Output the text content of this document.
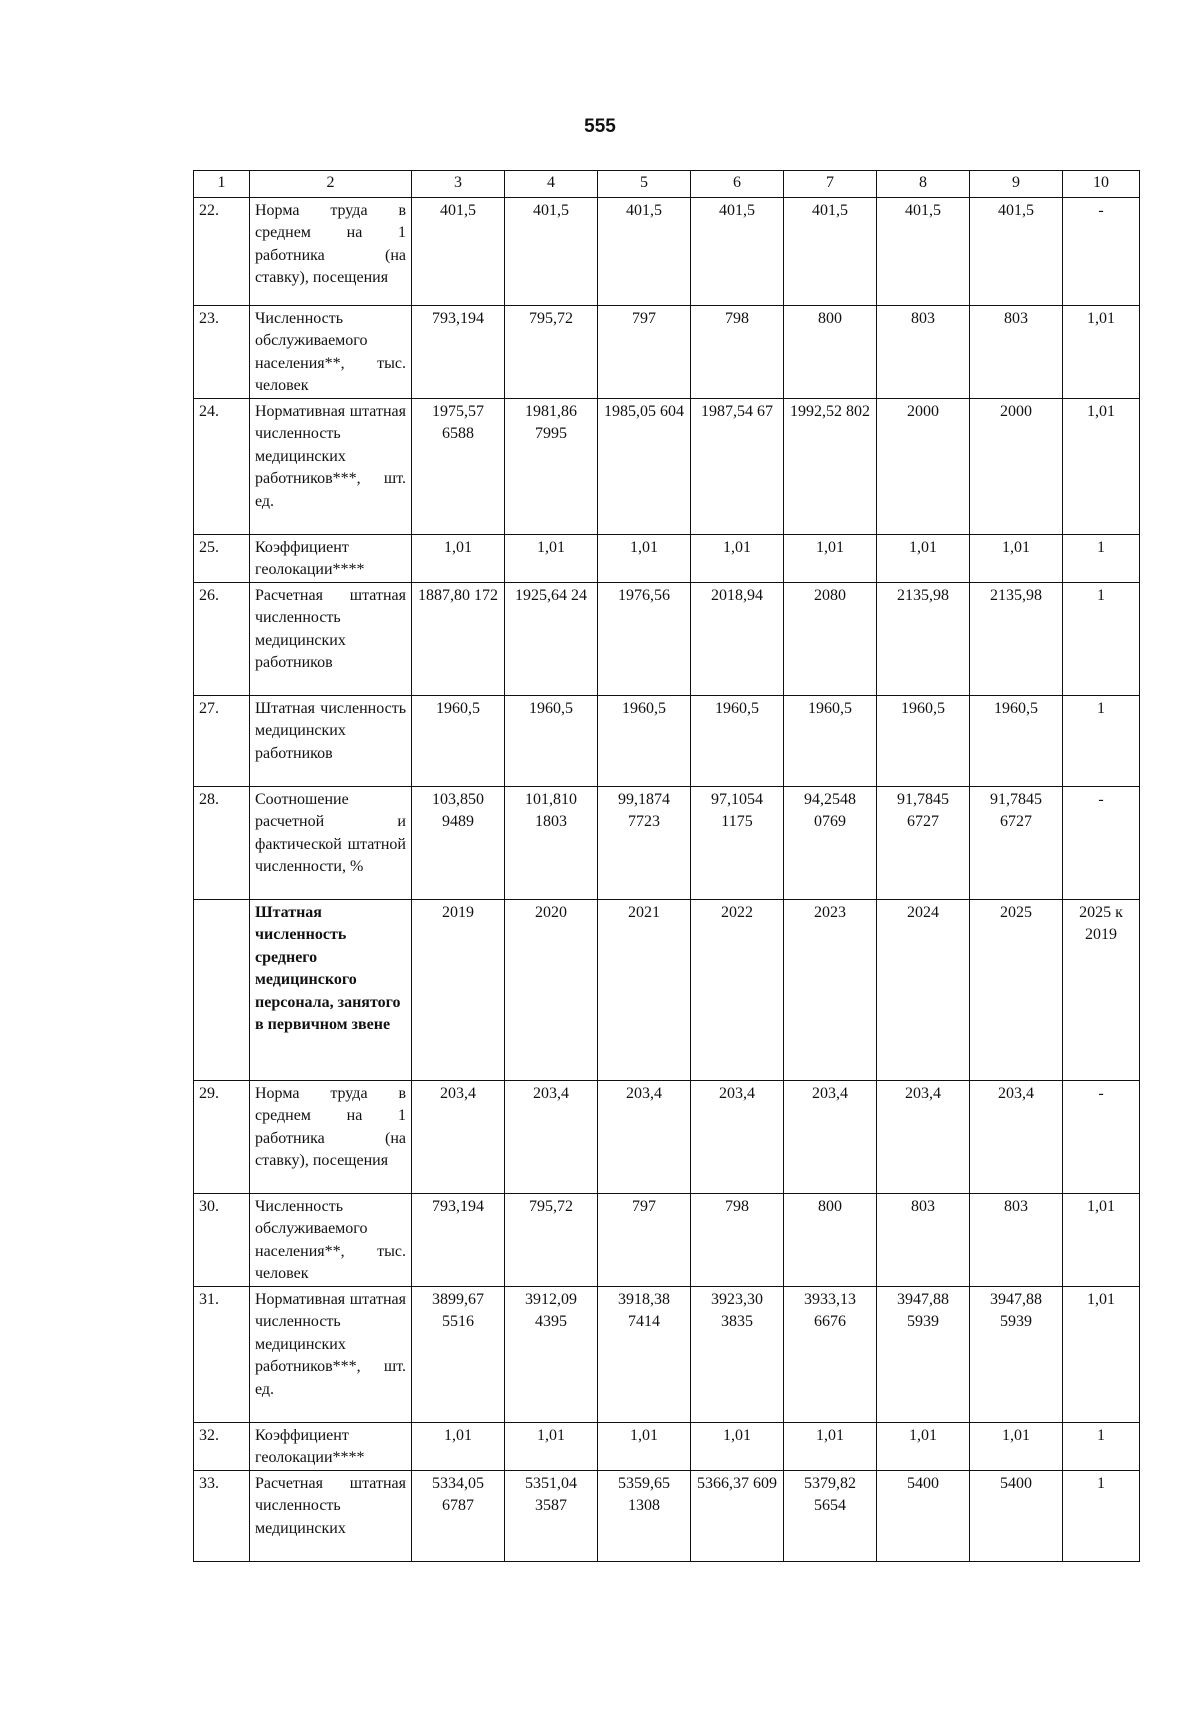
555
1	2	3	4	5	6	7	8	9	10
22.	Норма труда в среднем на 1 работника (на ставку), посещения	401,5	401,5	401,5	401,5	401,5	401,5	401,5	-
23.	Численность обслуживаемого населения**, тыс. человек	793,194	795,72	797	798	800	803	803	1,01
24.	Нормативная штатная численность медицинских работников***, шт. ед.	1975,57 6588	1981,86 7995	1985,05 604	1987,54 67	1992,52 802	2000	2000	1,01
25.	Коэффициент геолокации****	1,01	1,01	1,01	1,01	1,01	1,01	1,01	1
26.	Расчетная штатная численность медицинских работников	1887,80 172	1925,64 24	1976,56	2018,94	2080	2135,98	2135,98	1
27.	Штатная численность медицинских работников	1960,5	1960,5	1960,5	1960,5	1960,5	1960,5	1960,5	1
28.	Соотношение расчетной и фактической штатной численности, %	103,850 9489	101,810 1803	99,1874 7723	97,1054 1175	94,2548 0769	91,7845 6727	91,7845 6727	-
	Штатная численность среднего медицинского персонала, занятого в первичном звене	2019	2020	2021	2022	2023	2024	2025	2025 к 2019
29.	Норма труда в среднем на 1 работника (на ставку), посещения	203,4	203,4	203,4	203,4	203,4	203,4	203,4	-
30.	Численность обслуживаемого населения**, тыс. человек	793,194	795,72	797	798	800	803	803	1,01
31.	Нормативная штатная численность медицинских работников***, шт. ед.	3899,67 5516	3912,09 4395	3918,38 7414	3923,30 3835	3933,13 6676	3947,88 5939	3947,88 5939	1,01
32.	Коэффициент геолокации****	1,01	1,01	1,01	1,01	1,01	1,01	1,01	1
33.	Расчетная штатная численность медицинских	5334,05 6787	5351,04 3587	5359,65 1308	5366,37 609	5379,82 5654	5400	5400	1
